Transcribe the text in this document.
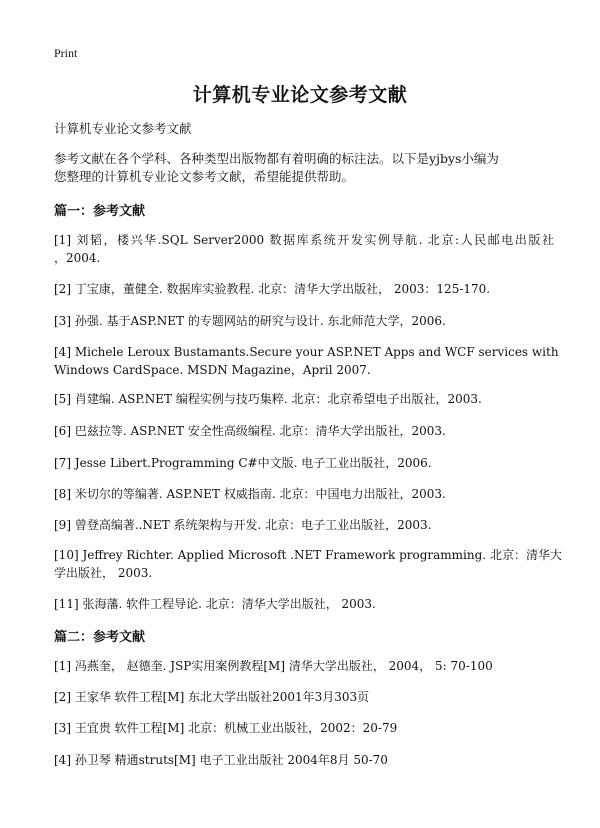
Print
计算机专业论文参考文献
计算机专业论文参考文献
参考文献在各个学科、各种类型出版物都有着明确的标注法。以下是yjbys小编为
您整理的计算机专业论文参考文献，希望能提供帮助。
篇一：参考文献
[1] 刘韬，楼兴华.SQL Server2000 数据库系统开发实例导航. 北京:人民邮电出版社
，2004.
[2] 丁宝康，董健全. 数据库实验教程. 北京：清华大学出版社， 2003：125-170.
[3] 孙强. 基于ASP.NET 的专题网站的研究与设计. 东北师范大学，2006.
[4] Michele Leroux Bustamants.Secure your ASP.NET Apps and WCF services with
Windows CardSpace. MSDN Magazine，April 2007.
[5] 肖建编. ASP.NET 编程实例与技巧集粹. 北京：北京希望电子出版社，2003.
[6] 巴兹拉等. ASP.NET 安全性高级编程. 北京：清华大学出版社，2003.
[7] Jesse Libert.Programming C#中文版. 电子工业出版社，2006.
[8] 米切尔的等编著. ASP.NET 权威指南. 北京：中国电力出版社，2003.
[9] 曾登高编著..NET 系统架构与开发. 北京：电子工业出版社，2003.
[10] Jeffrey Richter. Applied Microsoft .NET Framework programming. 北京：清华大
学出版社， 2003.
[11] 张海藩. 软件工程导论. 北京：清华大学出版社， 2003.
篇二：参考文献
[1] 冯燕奎， 赵德奎. JSP实用案例教程[M] 清华大学出版社， 2004， 5: 70-100
[2] 王家华 软件工程[M] 东北大学出版社2001年3月303页
[3] 王宜贵 软件工程[M] 北京：机械工业出版社，2002：20-79
[4] 孙卫琴 精通struts[M] 电子工业出版社 2004年8月 50-70
